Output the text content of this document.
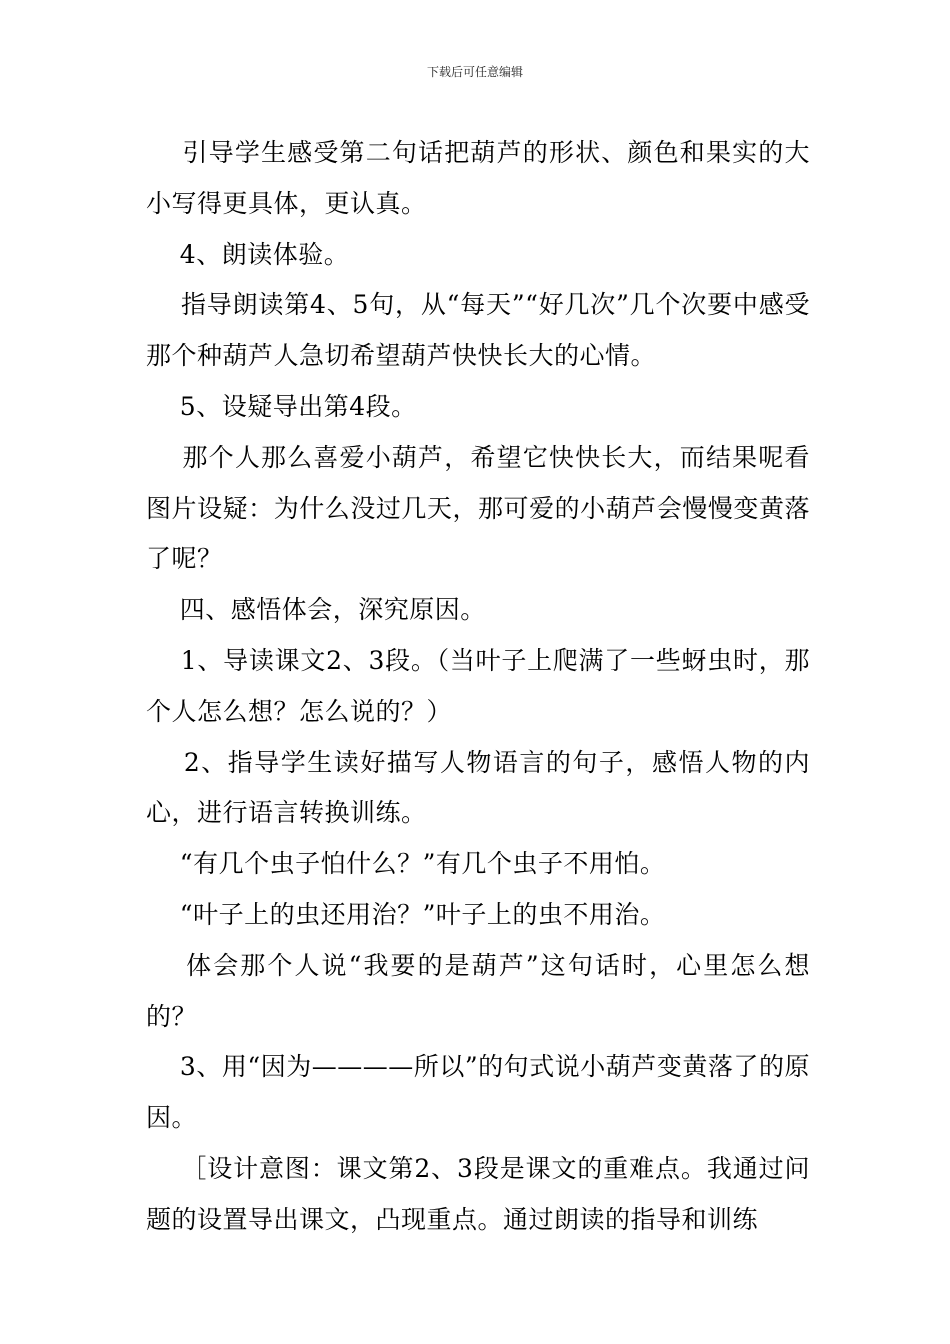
下载后可任意编辑

引导学生感受第二句话把葫芦的形状、颜色和果实的大小写得更具体，更认真。

4、朗读体验。

指导朗读第4、5句，从“每天”“好几次”几个次要中感受那个种葫芦人急切希望葫芦快快长大的心情。

5、设疑导出第4段。

那个人那么喜爱小葫芦，希望它快快长大，而结果呢看图片设疑：为什么没过几天，那可爱的小葫芦会慢慢变黄落了呢？

四、感悟体会，深究原因。

1、导读课文2、3段。（当叶子上爬满了一些蚜虫时，那个人怎么想？怎么说的？）

2、指导学生读好描写人物语言的句子，感悟人物的内心，进行语言转换训练。

“有几个虫子怕什么？”有几个虫子不用怕。

“叶子上的虫还用治？”叶子上的虫不用治。

体会那个人说“我要的是葫芦”这句话时，心里怎么想的？

3、用“因为————所以”的句式说小葫芦变黄落了的原因。

［设计意图：课文第2、3段是课文的重难点。我通过问题的设置导出课文，凸现重点。通过朗读的指导和训练
